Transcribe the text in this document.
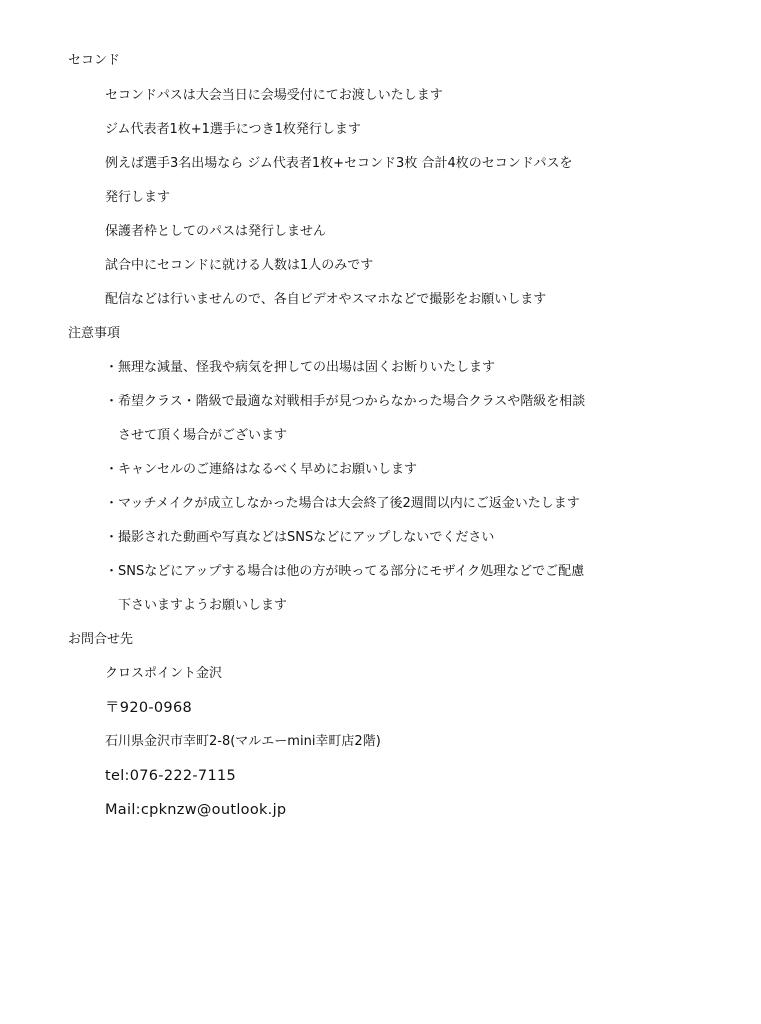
セコンド
セコンドパスは大会当日に会場受付にてお渡しいたします
ジム代表者1枚+1選手につき1枚発行します
例えば選手3名出場なら ジム代表者1枚+セコンド3枚 合計4枚のセコンドパスを
発行します
保護者枠としてのパスは発行しません
試合中にセコンドに就ける人数は1人のみです
配信などは行いませんので、各自ビデオやスマホなどで撮影をお願いします
注意事項
・無理な減量、怪我や病気を押しての出場は固くお断りいたします
・希望クラス・階級で最適な対戦相手が見つからなかった場合クラスや階級を相談
させて頂く場合がございます
・キャンセルのご連絡はなるべく早めにお願いします
・マッチメイクが成立しなかった場合は大会終了後2週間以内にご返金いたします
・撮影された動画や写真などはSNSなどにアップしないでください
・SNSなどにアップする場合は他の方が映ってる部分にモザイク処理などでご配慮
下さいますようお願いします
お問合せ先
クロスポイント金沢
〒920-0968
石川県金沢市幸町2-8(マルエーmini幸町店2階)
tel:076-222-7115
Mail:cpknzw@outlook.jp
